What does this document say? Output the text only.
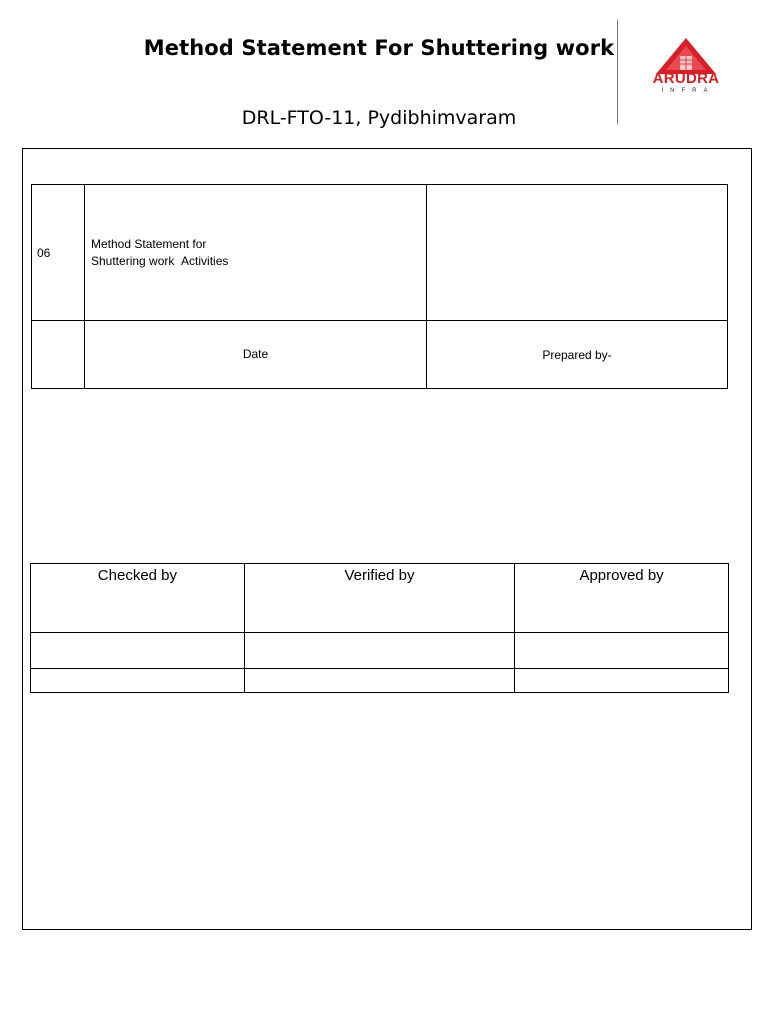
Method Statement For Shuttering work
DRL-FTO-11, Pydibhimvaram
ARUDRA
INFRA
06	Method Statement for
Shuttering work  Activities	
	Date	Prepared by-
Checked by	Verified by	Approved by
